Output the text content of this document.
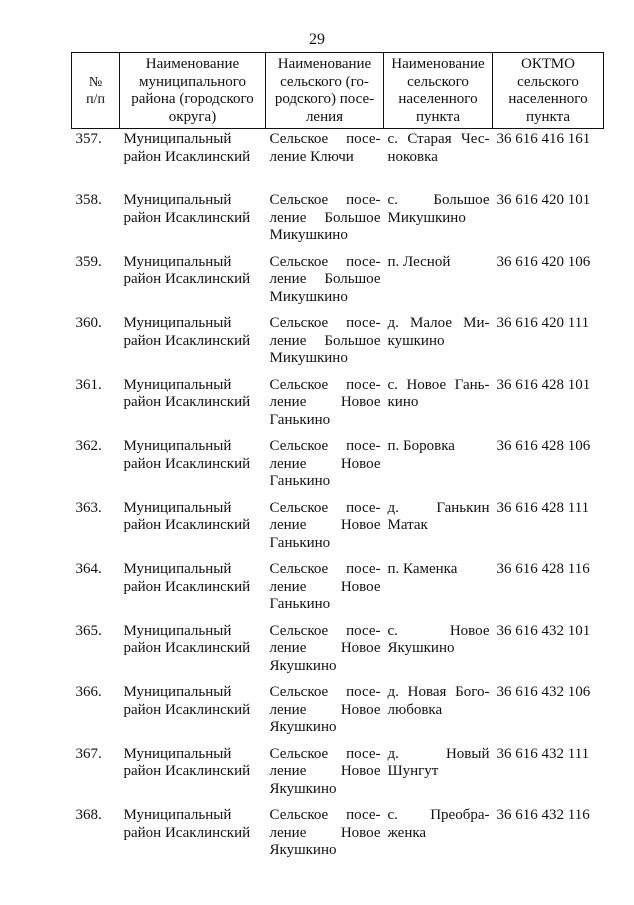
29
№
п/п	Наименование
муниципального
района (городского
округа)	Наименование
сельского (го-
родского) посе-
ления	Наименование
сельского
населенного
пункта	ОКТМО
сельского
населенного
пункта

357.	Муниципальный
район Исаклинский	Сельское посе-
ление Ключи	с. Старая Чес-
ноковка	36 616 416 161
358.	Муниципальный
район Исаклинский	Сельское посе-
ление Большое
Микушкино	с. Большое
Микушкино	36 616 420 101
359.	Муниципальный
район Исаклинский	Сельское посе-
ление Большое
Микушкино	п. Лесной	36 616 420 106
360.	Муниципальный
район Исаклинский	Сельское посе-
ление Большое
Микушкино	д. Малое Ми-
кушкино	36 616 420 111
361.	Муниципальный
район Исаклинский	Сельское посе-
ление Новое
Ганькино	с. Новое Гань-
кино	36 616 428 101
362.	Муниципальный
район Исаклинский	Сельское посе-
ление Новое
Ганькино	п. Боровка	36 616 428 106
363.	Муниципальный
район Исаклинский	Сельское посе-
ление Новое
Ганькино	д. Ганькин
Матак	36 616 428 111
364.	Муниципальный
район Исаклинский	Сельское посе-
ление Новое
Ганькино	п. Каменка	36 616 428 116
365.	Муниципальный
район Исаклинский	Сельское посе-
ление Новое
Якушкино	с. Новое
Якушкино	36 616 432 101
366.	Муниципальный
район Исаклинский	Сельское посе-
ление Новое
Якушкино	д. Новая Бого-
любовка	36 616 432 106
367.	Муниципальный
район Исаклинский	Сельское посе-
ление Новое
Якушкино	д. Новый
Шунгут	36 616 432 111
368.	Муниципальный
район Исаклинский	Сельское посе-
ление Новое
Якушкино	с. Преобра-
женка	36 616 432 116
